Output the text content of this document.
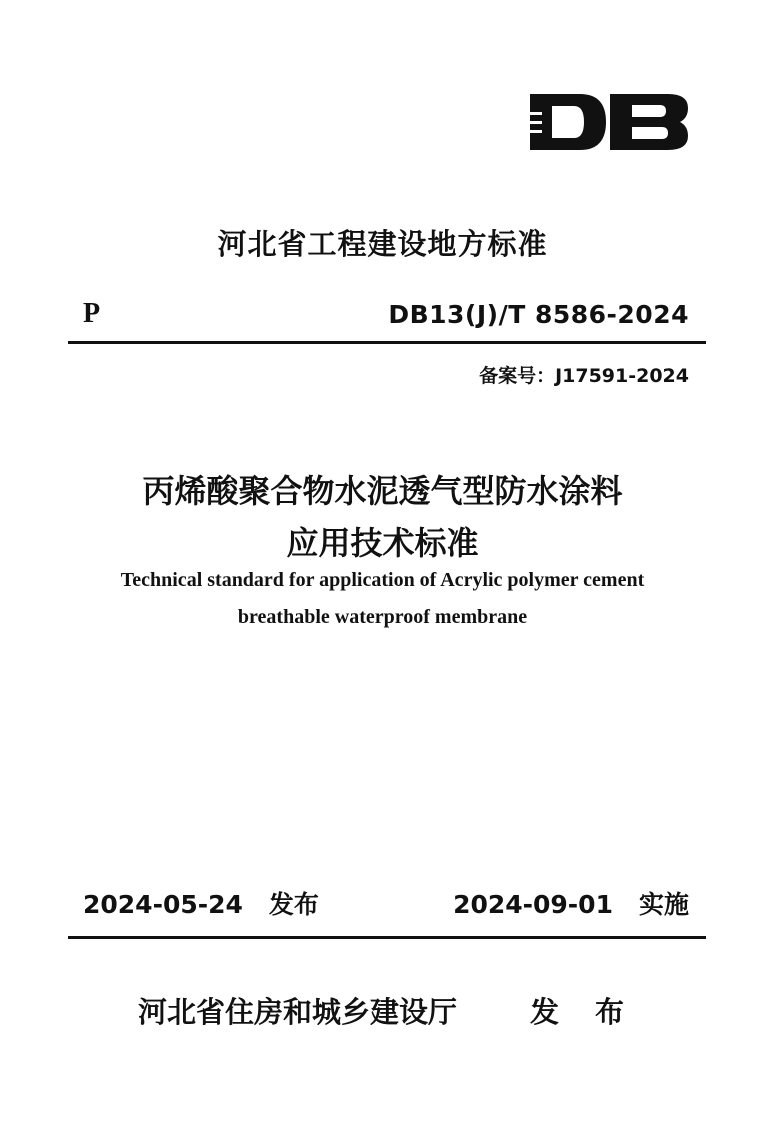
河北省工程建设地方标准
P	DB13(J)/T 8586-2024
备案号：J17591-2024
丙烯酸聚合物水泥透气型防水涂料
应用技术标准
Technical standard for application of Acrylic polymer cement
breathable waterproof membrane
2024-05-24 发布	2024-09-01 实施
河北省住房和城乡建设厅	发布
